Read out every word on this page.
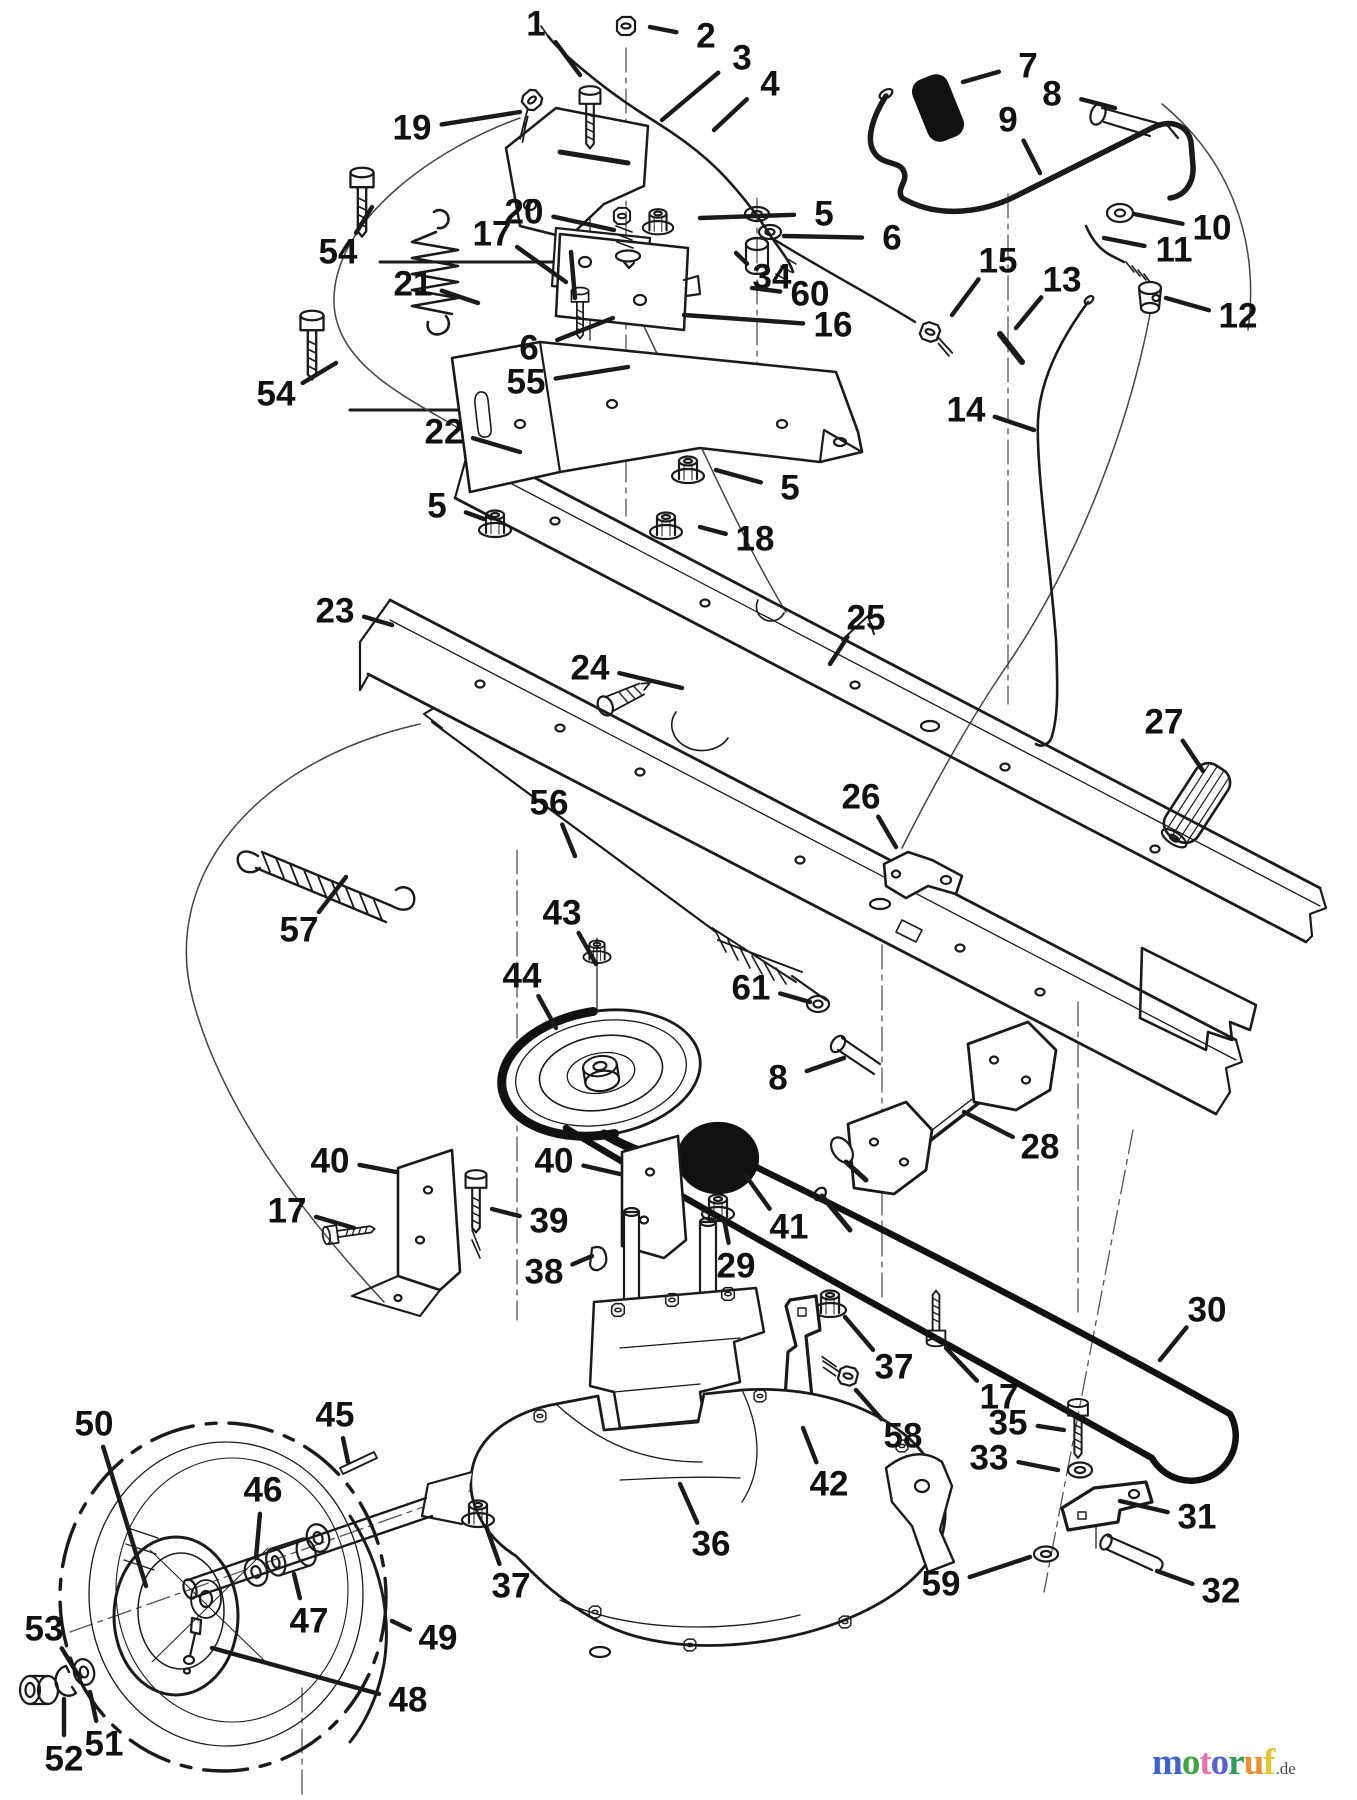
1	2
3
4
5
5	5
6
6
7
8
8
9
10
11
12
13
14
15
16
17
17
17
18
19
20
21
22
23
24
25
26
27
28
29
30
31
32
33
34
35
36
37
37
38
39
40	40
41
42
43
44
45
46
47
48
49
50
51
52
53
54
54	55
56
57
58
59
60
61
motoruf .de
